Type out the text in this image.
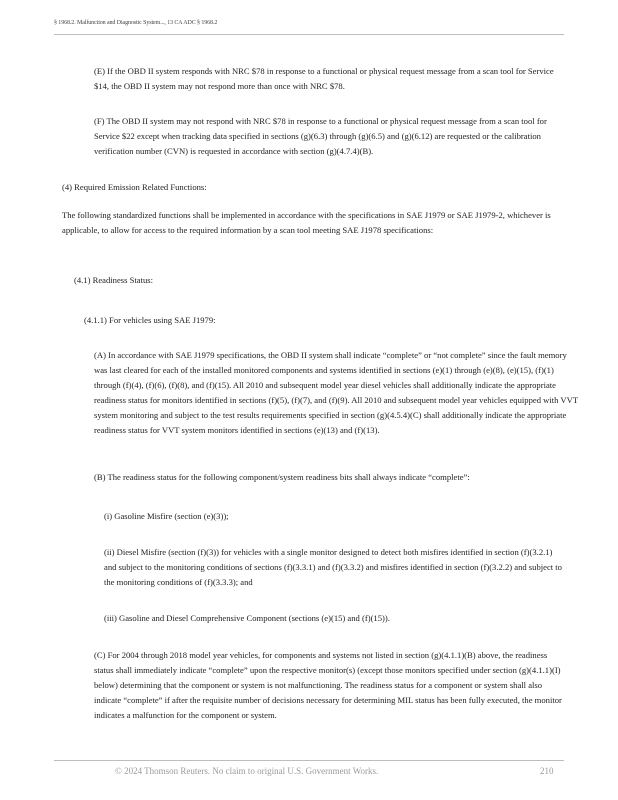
§ 1968.2. Malfunction and Diagnostic System..., 13 CA ADC § 1968.2
(E) If the OBD II system responds with NRC $78 in response to a functional or physical request message from a scan tool for Service $14, the OBD II system may not respond more than once with NRC $78.
(F) The OBD II system may not respond with NRC $78 in response to a functional or physical request message from a scan tool for Service $22 except when tracking data specified in sections (g)(6.3) through (g)(6.5) and (g)(6.12) are requested or the calibration verification number (CVN) is requested in accordance with section (g)(4.7.4)(B).
(4) Required Emission Related Functions:
The following standardized functions shall be implemented in accordance with the specifications in SAE J1979 or SAE J1979-2, whichever is applicable, to allow for access to the required information by a scan tool meeting SAE J1978 specifications:
(4.1) Readiness Status:
(4.1.1) For vehicles using SAE J1979:
(A) In accordance with SAE J1979 specifications, the OBD II system shall indicate “complete” or “not complete” since the fault memory was last cleared for each of the installed monitored components and systems identified in sections (e)(1) through (e)(8), (e)(15), (f)(1) through (f)(4), (f)(6), (f)(8), and (f)(15). All 2010 and subsequent model year diesel vehicles shall additionally indicate the appropriate readiness status for monitors identified in sections (f)(5), (f)(7), and (f)(9). All 2010 and subsequent model year vehicles equipped with VVT system monitoring and subject to the test results requirements specified in section (g)(4.5.4)(C) shall additionally indicate the appropriate readiness status for VVT system monitors identified in sections (e)(13) and (f)(13).
(B) The readiness status for the following component/system readiness bits shall always indicate “complete”:
(i) Gasoline Misfire (section (e)(3));
(ii) Diesel Misfire (section (f)(3)) for vehicles with a single monitor designed to detect both misfires identified in section (f)(3.2.1) and subject to the monitoring conditions of sections (f)(3.3.1) and (f)(3.3.2) and misfires identified in section (f)(3.2.2) and subject to the monitoring conditions of (f)(3.3.3); and
(iii) Gasoline and Diesel Comprehensive Component (sections (e)(15) and (f)(15)).
(C) For 2004 through 2018 model year vehicles, for components and systems not listed in section (g)(4.1.1)(B) above, the readiness status shall immediately indicate “complete” upon the respective monitor(s) (except those monitors specified under section (g)(4.1.1)(I) below) determining that the component or system is not malfunctioning. The readiness status for a component or system shall also indicate “complete” if after the requisite number of decisions necessary for determining MIL status has been fully executed, the monitor indicates a malfunction for the component or system.
© 2024 Thomson Reuters. No claim to original U.S. Government Works.	210
